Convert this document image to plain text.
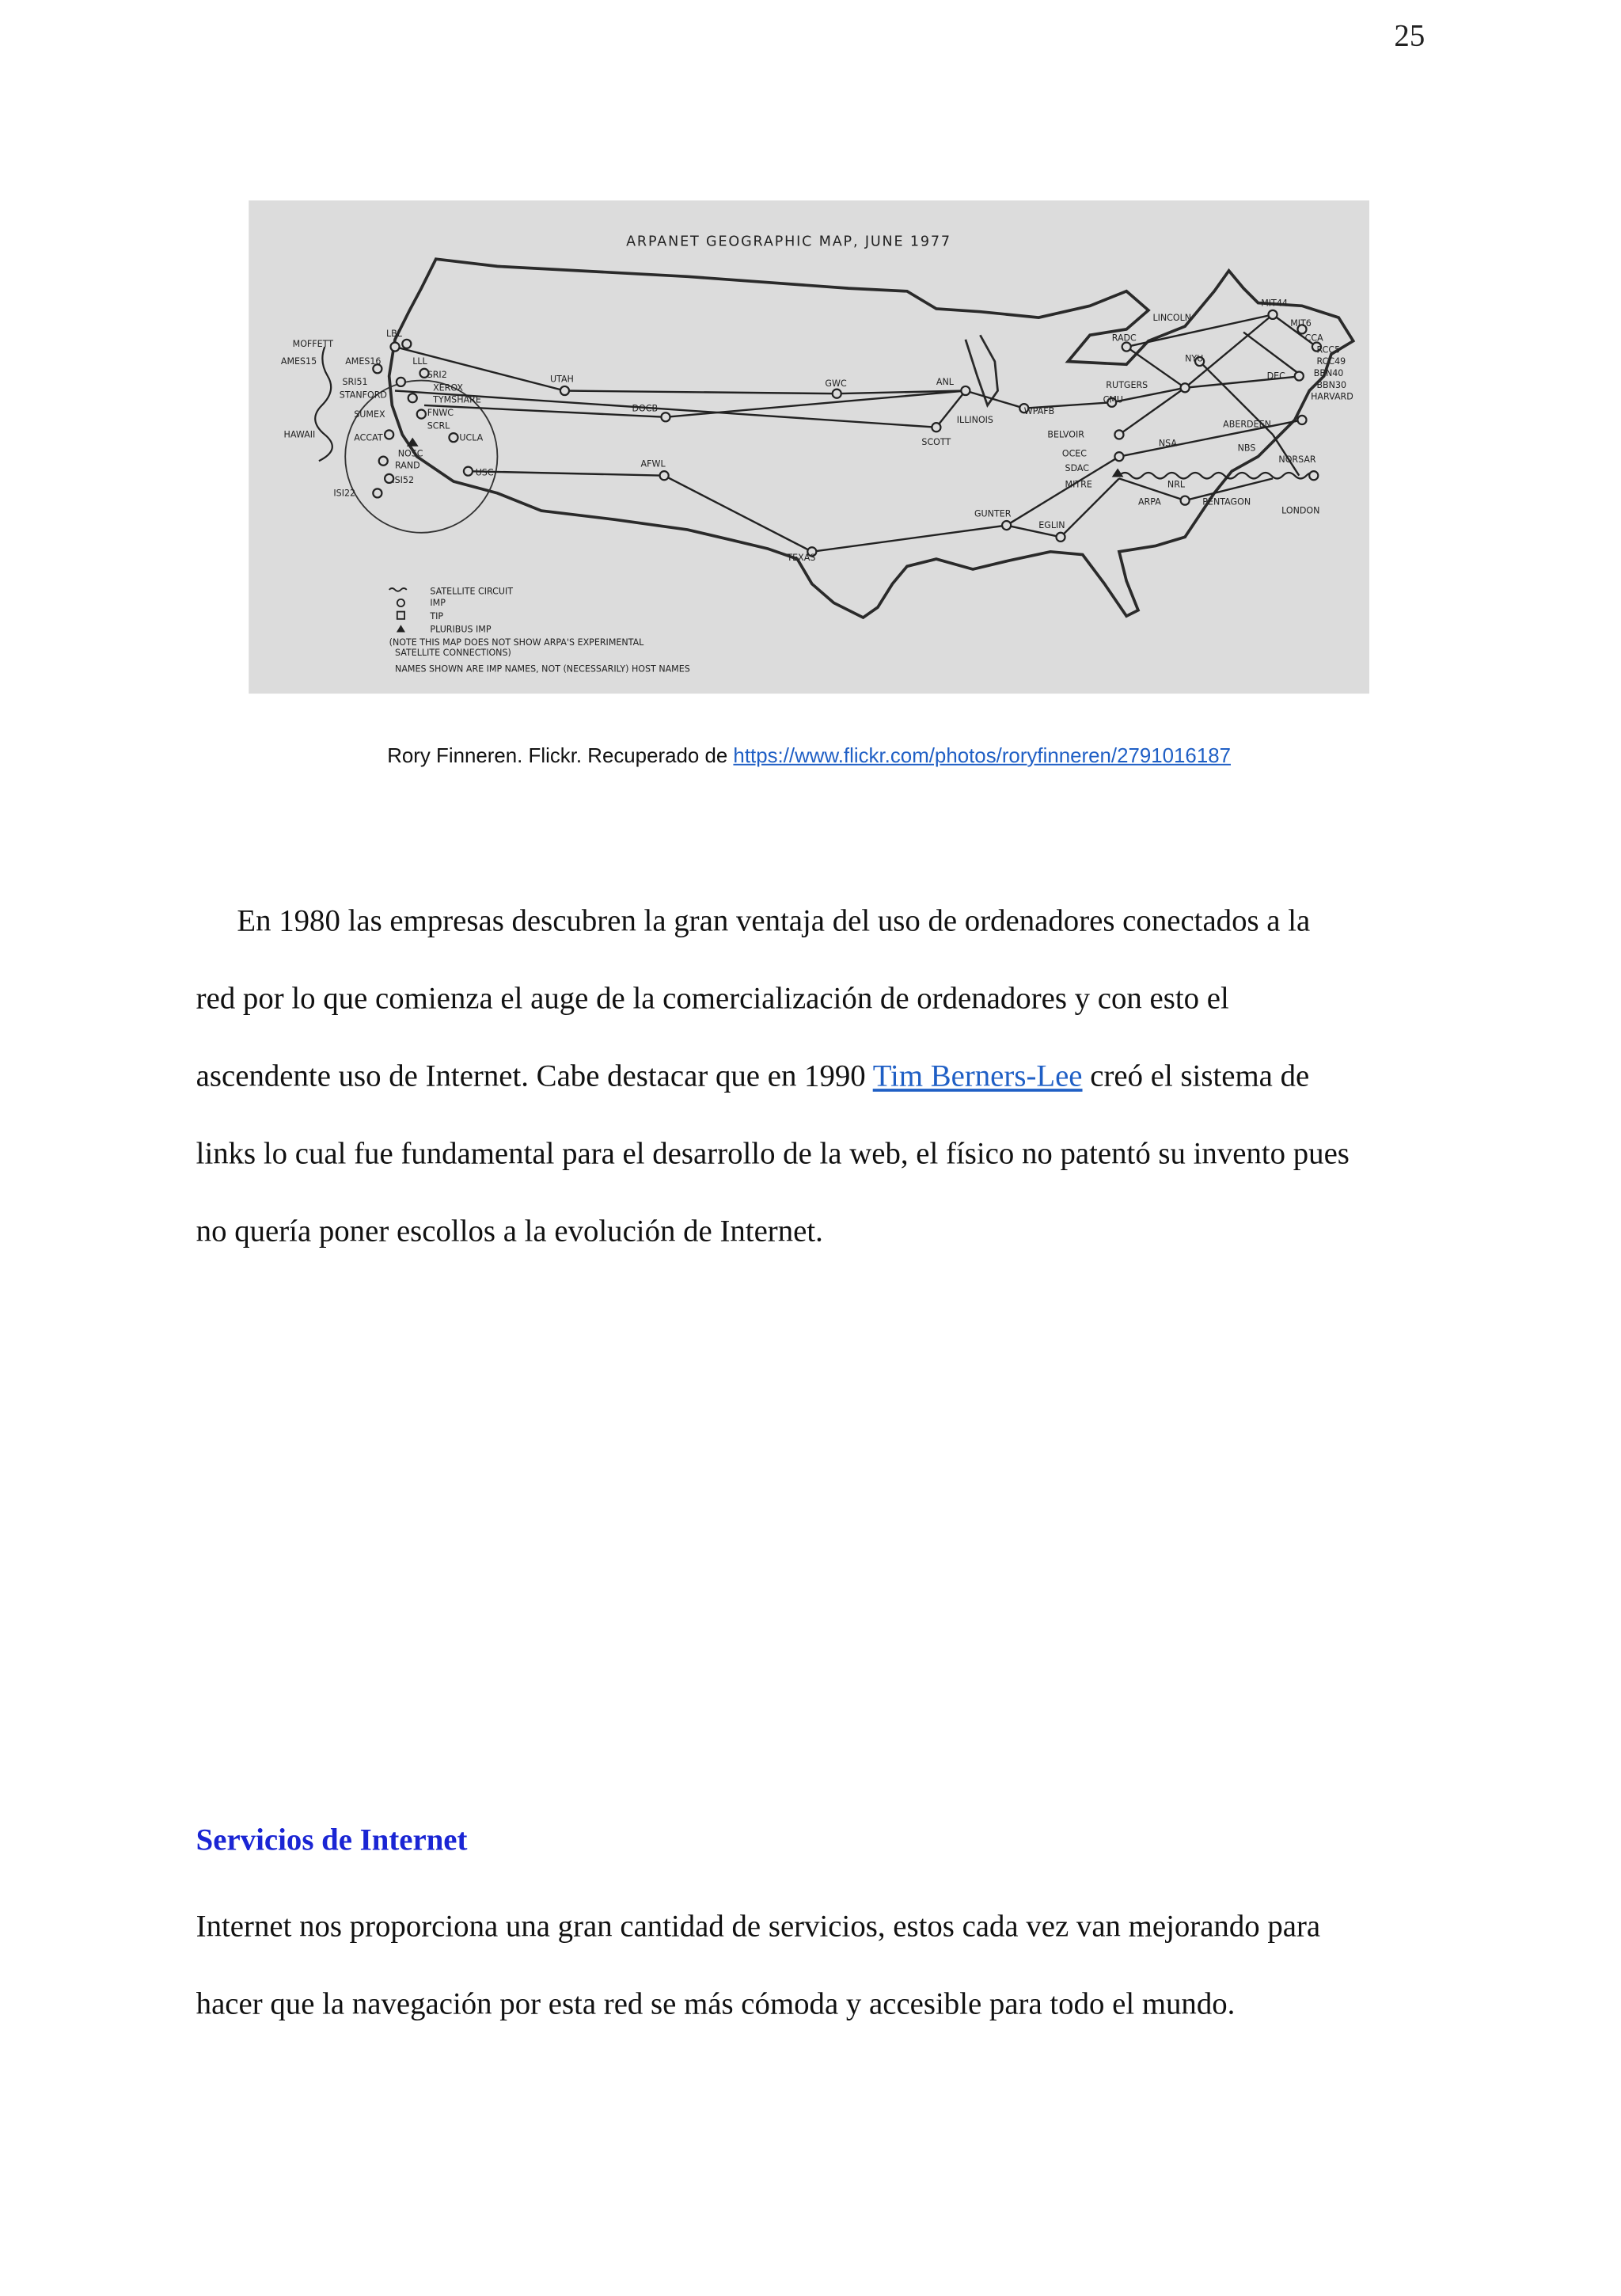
25
ARPANET GEOGRAPHIC MAP, JUNE 1977
MOFFETT
LBL
AMES15	AMES16	LLL
SRI51
SRI2
XEROX
STANFORD	TYMSHARE
SUMEX	FNWC
SCRL
ACCAT	UCLA
NOSC
RAND
USC
ISI52
ISI22
HAWAII
UTAH
DOCB
AFWL
GWC	ANL
ILLINOIS
SCOTT
WPAFB
TEXAS
GUNTER
EGLIN
LINCOLN
MIT44
MIT6
CCA
RCC5
RCC49
BBN40
BBN30
HARVARD
DEC
RADC
NYU
RUTGERS
CMU
BELVOIR
ABERDEEN
NBS
NSA
OCEC
SDAC
MITRE	NRL
ARPA	PENTAGON
NORSAR
LONDON
SATELLITE CIRCUIT
IMP
TIP
PLURIBUS IMP
(NOTE THIS MAP DOES NOT SHOW ARPA'S EXPERIMENTAL
SATELLITE CONNECTIONS)
NAMES SHOWN ARE IMP NAMES, NOT (NECESSARILY) HOST NAMES
Rory Finneren. Flickr. Recuperado de https://www.flickr.com/photos/roryfinneren/2791016187

En 1980 las empresas descubren la gran ventaja del uso de ordenadores conectados a la
red por lo que comienza el auge de la comercialización de ordenadores y con esto el
ascendente uso de Internet. Cabe destacar que en 1990 Tim Berners-Lee creó el sistema de
links lo cual fue fundamental para el desarrollo de la web, el físico no patentó su invento pues
no quería poner escollos a la evolución de Internet.

Servicios de Internet

Internet nos proporciona una gran cantidad de servicios, estos cada vez van mejorando para
hacer que la navegación por esta red se más cómoda y accesible para todo el mundo.
